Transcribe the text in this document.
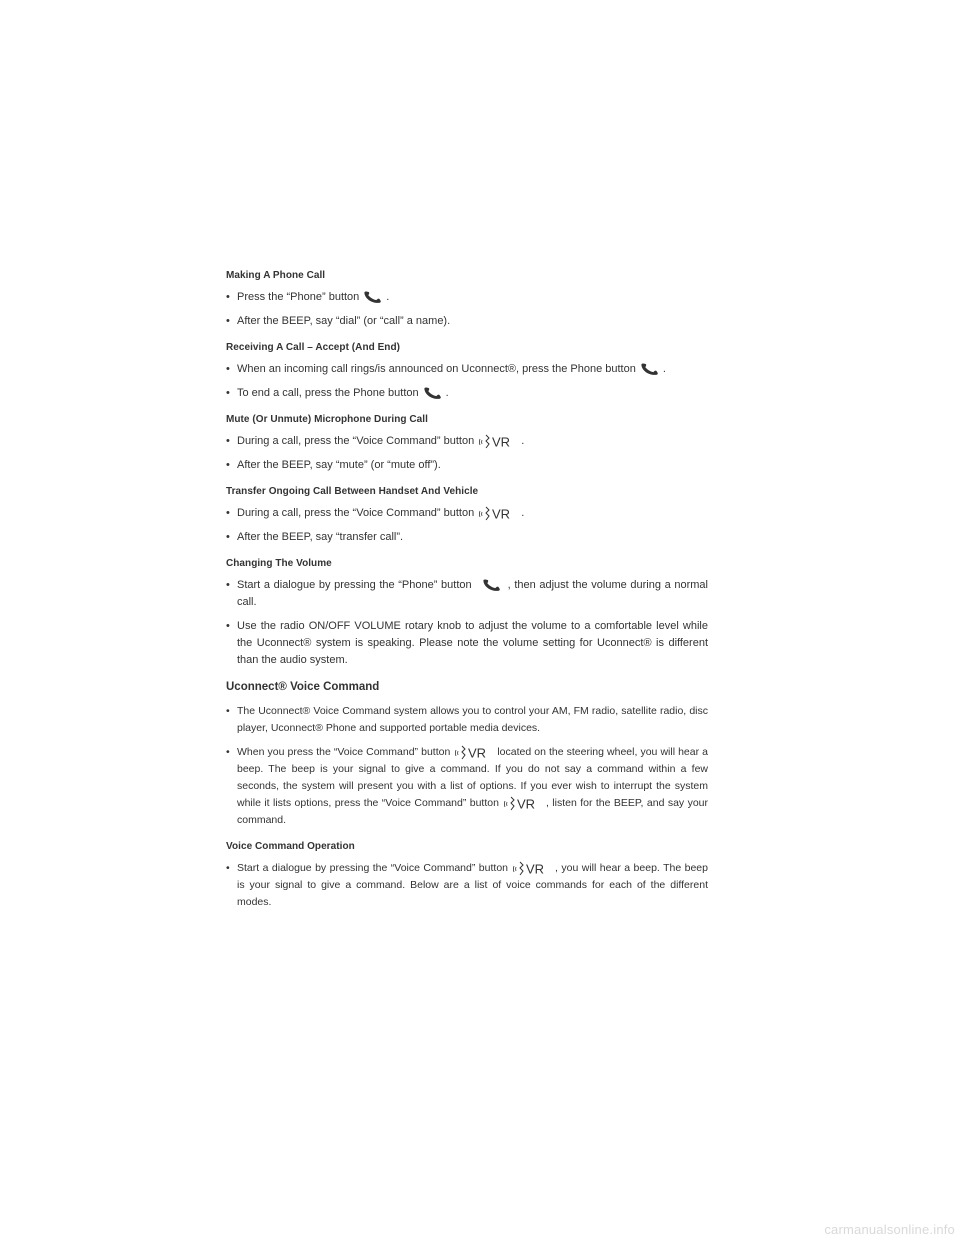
Making A Phone Call
• Press the “Phone” button .
• After the BEEP, say “dial” (or “call” a name).
Receiving A Call – Accept (And End)
• When an incoming call rings/is announced on Uconnect®, press the Phone button .
• To end a call, press the Phone button .
Mute (Or Unmute) Microphone During Call
• During a call, press the “Voice Command” button VR .
• After the BEEP, say “mute” (or “mute off”).
Transfer Ongoing Call Between Handset And Vehicle
• During a call, press the “Voice Command” button VR .
• After the BEEP, say “transfer call”.
Changing The Volume
• Start a dialogue by pressing the “Phone” button	, then adjust the volume during a normal call.
• Use the radio ON/OFF VOLUME rotary knob to adjust the volume to a comfortable level while the Uconnect® system is speaking. Please note the volume setting for Uconnect® is different than the audio system.
Uconnect® Voice Command
• The Uconnect® Voice Command system allows you to control your AM, FM radio, satellite radio, disc player, Uconnect® Phone and supported portable media devices.
• When you press the “Voice Command” button VR located on the steering wheel, you will hear a beep. The beep is your signal to give a command. If you do not say a command within a few seconds, the system will present you with a list of options. If you ever wish to interrupt the system while it lists options, press the “Voice Command” button VR , listen for the BEEP, and say your command.
Voice Command Operation
• Start a dialogue by pressing the “Voice Command” button VR , you will hear a beep. The beep is your signal to give a command. Below are a list of voice commands for each of the different modes.
carmanualsonline.info
